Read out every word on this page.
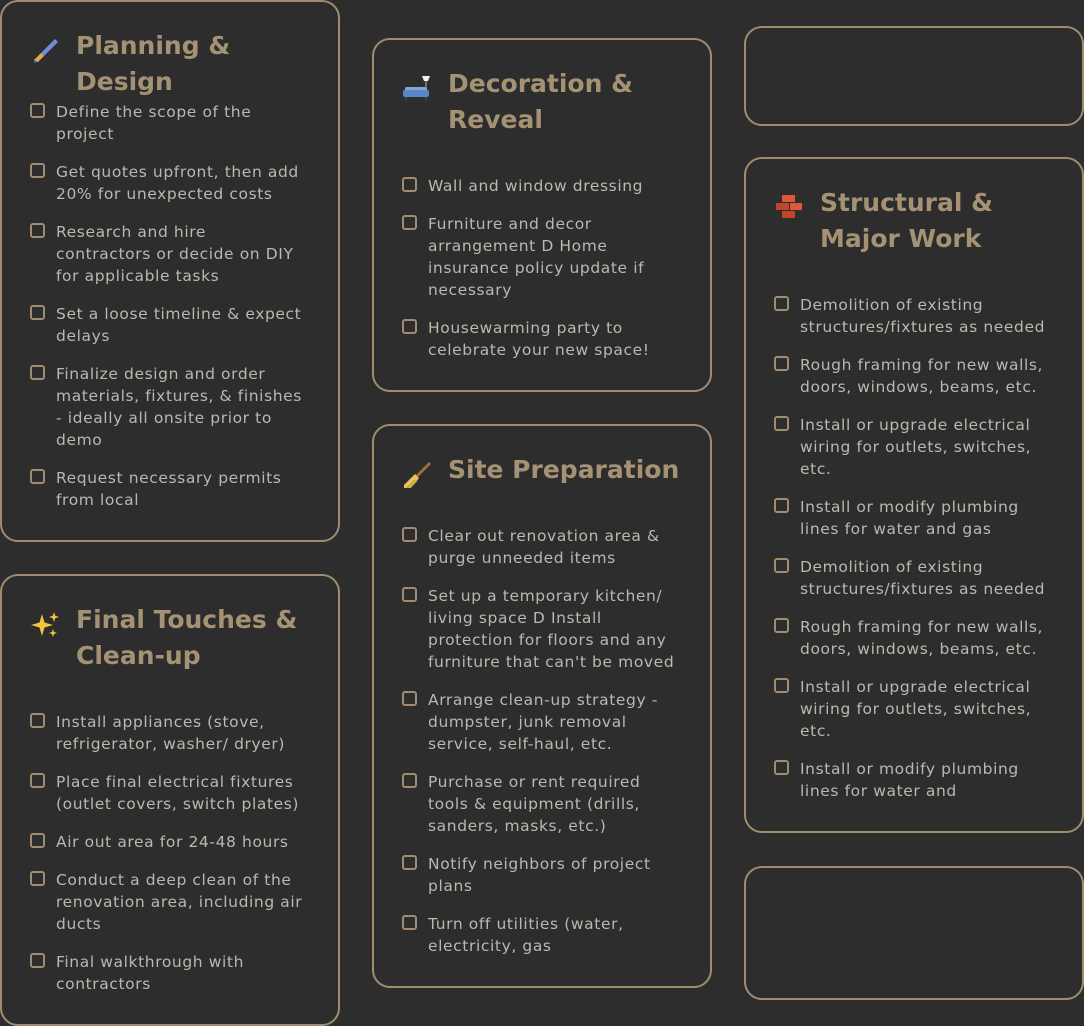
Planning & Design
Define the scope of the project
Get quotes upfront, then add 20% for unexpected costs
Research and hire contractors or decide on DIY for applicable tasks
Set a loose timeline & expect delays
Finalize design and order materials, fixtures, & finishes - ideally all onsite prior to demo
Request necessary permits from local
Final Touches & Clean-up
Install appliances (stove, refrigerator, washer/ dryer)
Place final electrical fixtures (outlet covers, switch plates)
Air out area for 24-48 hours
Conduct a deep clean of the renovation area, including air ducts
Final walkthrough with contractors
Decoration & Reveal
Wall and window dressing
Furniture and decor arrangement D Home insurance policy update if necessary
Housewarming party to celebrate your new space!
Site Preparation
Clear out renovation area & purge unneeded items
Set up a temporary kitchen/ living space D Install protection for floors and any furniture that can't be moved
Arrange clean-up strategy - dumpster, junk removal service, self-haul, etc.
Purchase or rent required tools & equipment (drills, sanders, masks, etc.)
Notify neighbors of project plans
Turn off utilities (water, electricity, gas
Structural & Major Work
Demolition of existing structures/fixtures as needed
Rough framing for new walls, doors, windows, beams, etc.
Install or upgrade electrical wiring for outlets, switches, etc.
Install or modify plumbing lines for water and gas
Demolition of existing structures/fixtures as needed
Rough framing for new walls, doors, windows, beams, etc.
Install or upgrade electrical wiring for outlets, switches, etc.
Install or modify plumbing lines for water and
